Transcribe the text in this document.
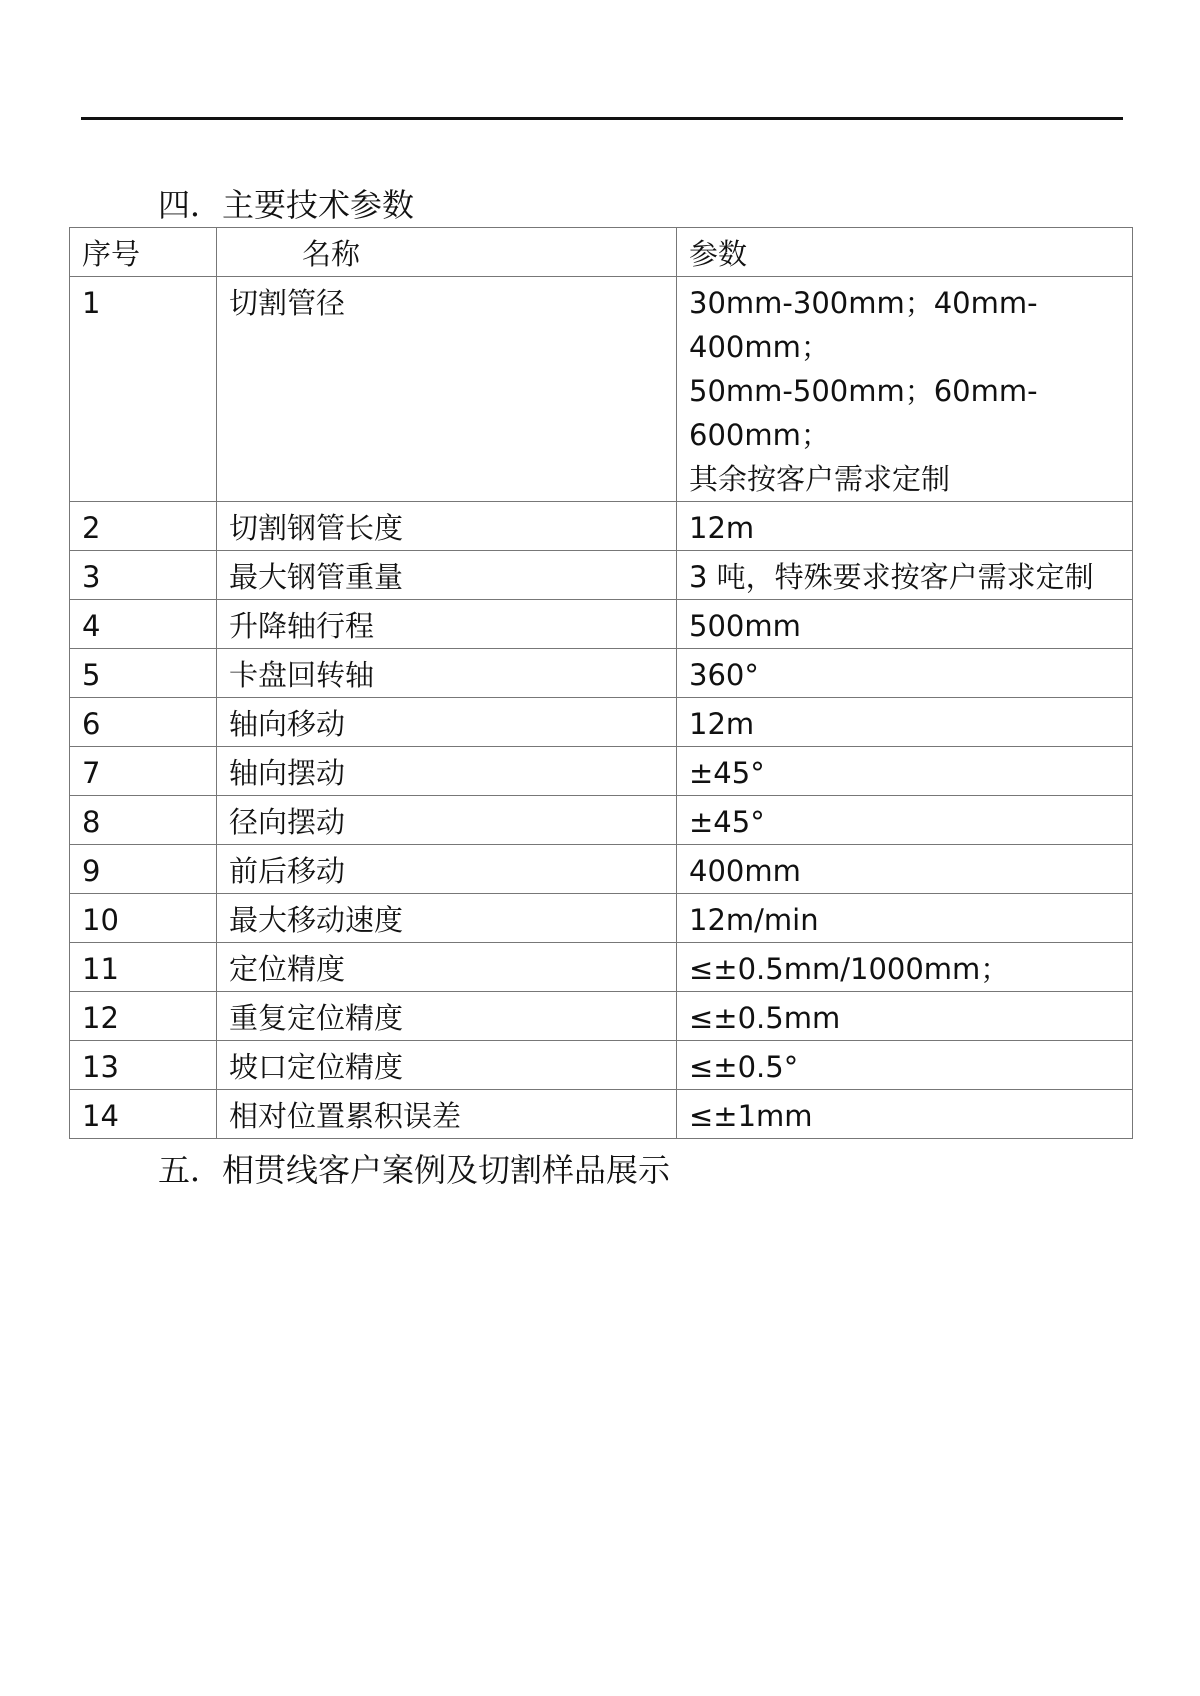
四．主要技术参数
序号	名称	参数
1	切割管径	30mm-300mm；40mm-400mm；
50mm-500mm；60mm-600mm；
其余按客户需求定制

2	切割钢管长度	12m

3	最大钢管重量	3 吨，特殊要求按客户需求定制

4	升降轴行程	500mm

5	卡盘回转轴	360°

6	轴向移动	12m

7	轴向摆动	±45°

8	径向摆动	±45°

9	前后移动	400mm

10	最大移动速度	12m/min

11	定位精度	≤±0.5mm/1000mm；

12	重复定位精度	≤±0.5mm

13	坡口定位精度	≤±0.5°

14	相对位置累积误差	≤±1mm
五．相贯线客户案例及切割样品展示
